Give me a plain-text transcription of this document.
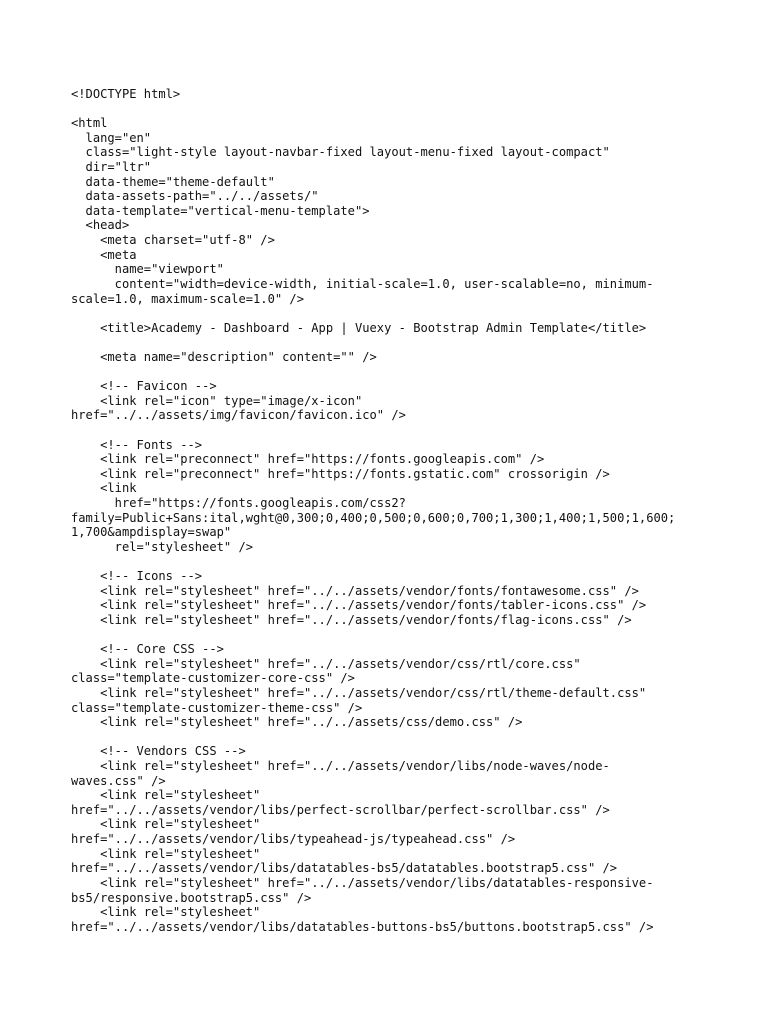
<!DOCTYPE html>
<html
lang="en"
class="light-style layout-navbar-fixed layout-menu-fixed layout-compact"
dir="ltr"
data-theme="theme-default"
data-assets-path="../../assets/"
data-template="vertical-menu-template">
<head>
<meta charset="utf-8" />
<meta
name="viewport"
content="width=device-width, initial-scale=1.0, user-scalable=no, minimum-
scale=1.0, maximum-scale=1.0" />
<title>Academy - Dashboard - App | Vuexy - Bootstrap Admin Template</title>
<meta name="description" content="" />
<!-- Favicon -->
<link rel="icon" type="image/x-icon"
href="../../assets/img/favicon/favicon.ico" />
<!-- Fonts -->
<link rel="preconnect" href="https://fonts.googleapis.com" />
<link rel="preconnect" href="https://fonts.gstatic.com" crossorigin />
<link
href="https://fonts.googleapis.com/css2?
family=Public+Sans:ital,wght@0,300;0,400;0,500;0,600;0,700;1,300;1,400;1,500;1,600;
1,700&ampdisplay=swap"
rel="stylesheet" />
<!-- Icons -->
<link rel="stylesheet" href="../../assets/vendor/fonts/fontawesome.css" />
<link rel="stylesheet" href="../../assets/vendor/fonts/tabler-icons.css" />
<link rel="stylesheet" href="../../assets/vendor/fonts/flag-icons.css" />
<!-- Core CSS -->
<link rel="stylesheet" href="../../assets/vendor/css/rtl/core.css"
class="template-customizer-core-css" />
<link rel="stylesheet" href="../../assets/vendor/css/rtl/theme-default.css"
class="template-customizer-theme-css" />
<link rel="stylesheet" href="../../assets/css/demo.css" />
<!-- Vendors CSS -->
<link rel="stylesheet" href="../../assets/vendor/libs/node-waves/node-
waves.css" />
<link rel="stylesheet"
href="../../assets/vendor/libs/perfect-scrollbar/perfect-scrollbar.css" />
<link rel="stylesheet"
href="../../assets/vendor/libs/typeahead-js/typeahead.css" />
<link rel="stylesheet"
href="../../assets/vendor/libs/datatables-bs5/datatables.bootstrap5.css" />
<link rel="stylesheet" href="../../assets/vendor/libs/datatables-responsive-
bs5/responsive.bootstrap5.css" />
<link rel="stylesheet"
href="../../assets/vendor/libs/datatables-buttons-bs5/buttons.bootstrap5.css" />
